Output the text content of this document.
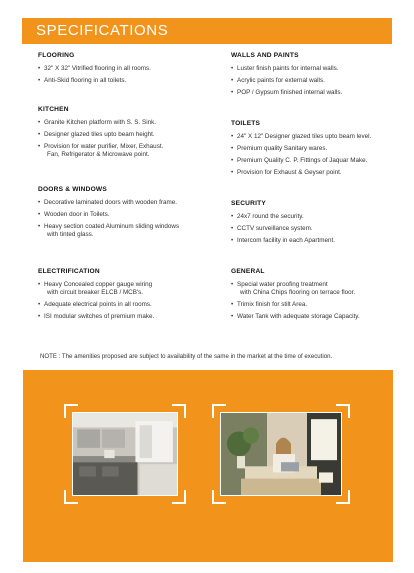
SPECIFICATIONS
FLOORING
• 32" X 32" Vitrified flooring in all rooms.
• Anti-Skid flooring in all toilets.
KITCHEN
• Granite Kitchen platform with S. S. Sink.
• Designer glazed tiles upto beam height.
• Provision for water purifier, Mixer, Exhaust.
Fan, Refrigerator & Microwave point.
DOORS & WINDOWS
• Decorative laminated doors with wooden frame.
• Wooden door in Toilets.
• Heavy section coated Aluminum sliding windows
with tinted glass.
ELECTRIFICATION
• Heavy Concealed copper gauge wiring
with circuit breaker ELCB / MCB's.
• Adequate electrical points in all rooms.
• ISI modular switches of premium make.
WALLS AND PAINTS
• Luster finish paints for internal walls.
• Acrylic paints for external walls.
• POP / Gypsum finished internal walls.
TOILETS
• 24" X 12" Designer glazed tiles upto beam level.
• Premium quality Sanitary wares.
• Premium Quality C. P. Fittings of Jaquar Make.
• Provision for Exhaust & Geyser point.
SECURITY
• 24x7 round the security.
• CCTV surveillance system.
• Intercom facility in each Apartment.
GENERAL
• Special water proofing treatment
with China Chips flooring on terrace floor.
• Trimix finish for stilt Area.
• Water Tank with adequate storage Capacity.
NOTE : The amenities proposed are subject to availability of the same in the market at the time of execution.
